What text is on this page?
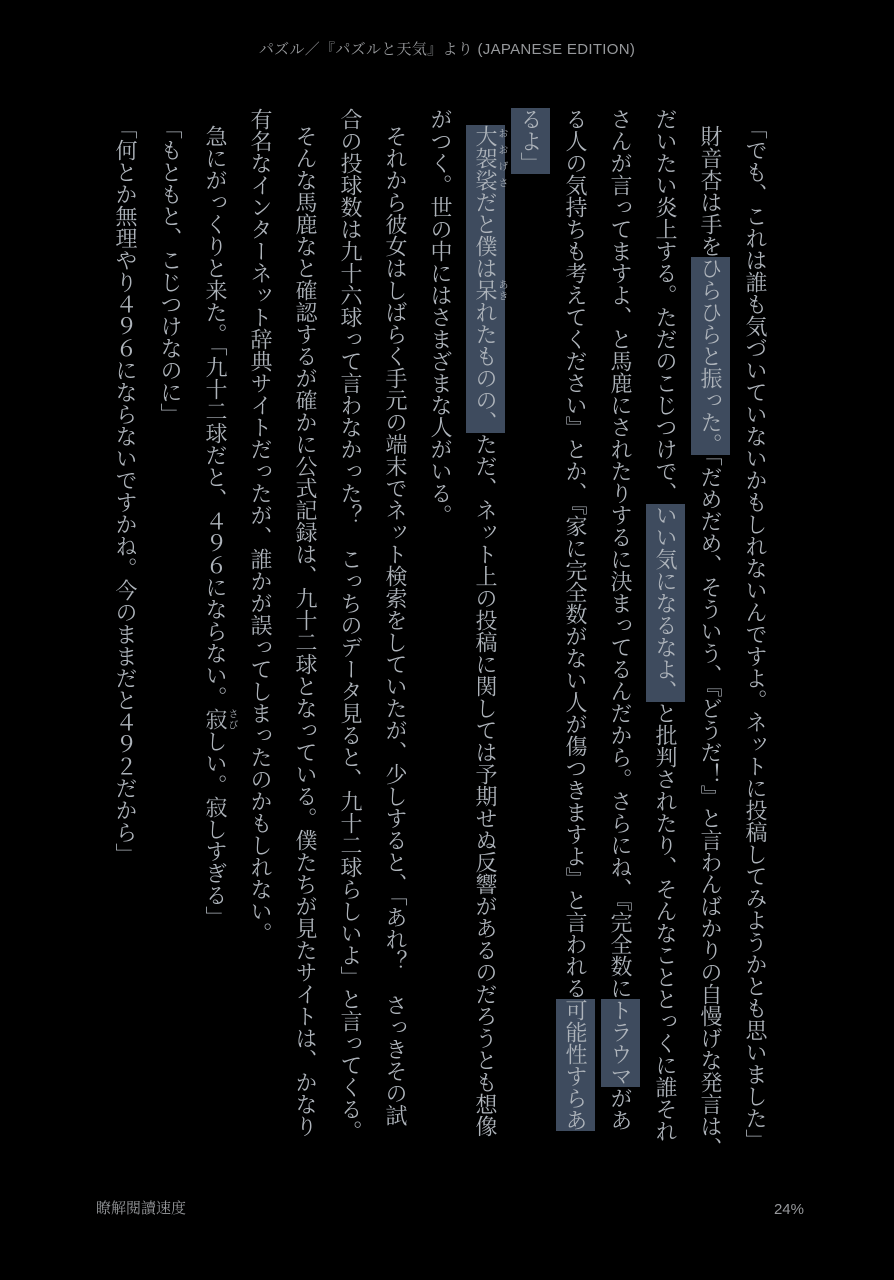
パズル／『パズルと天気』より (JAPANESE EDITION)
「でも、これは誰も気づいていないかもしれないんですよ。ネットに投稿してみようかとも思いました」
財音杏は手をひらひらと振った。「だめだめ、そういう、『どうだ！』と言わんばかりの自慢げな発言は、
だいたい炎上する。ただのこじつけで、いい気になるなよ、と批判されたり、そんなこととっくに誰それ
さんが言ってますよ、と馬鹿にされたりするに決まってるんだから。さらにね、『完全数にトラウマがあ
る人の気持ちも考えてください』とか、『家に完全数がない人が傷つきますよ』と言われる可能性すらあ
るよ」
大袈裟おおげさだと僕は呆あきれたものの、ただ、ネット上の投稿に関しては予期せぬ反響があるのだろうとも想像
がつく。世の中にはさまざまな人がいる。
それから彼女はしばらく手元の端末でネット検索をしていたが、少しすると、「あれ？　さっきその試
合の投球数は九十六球って言わなかった？　こっちのデータ見ると、九十二球らしいよ」と言ってくる。
そんな馬鹿なと確認するが確かに公式記録は、九十二球となっている。僕たちが見たサイトは、かなり
有名なインターネット辞典サイトだったが、誰かが誤ってしまったのかもしれない。
急にがっくりと来た。「九十二球だと、４９６にならない。寂さびしい。寂しすぎる」
「もともと、こじつけなのに」
「何とか無理やり４９６にならないですかね。今のままだと４９２だから」
瞭解閱讀速度	24%
